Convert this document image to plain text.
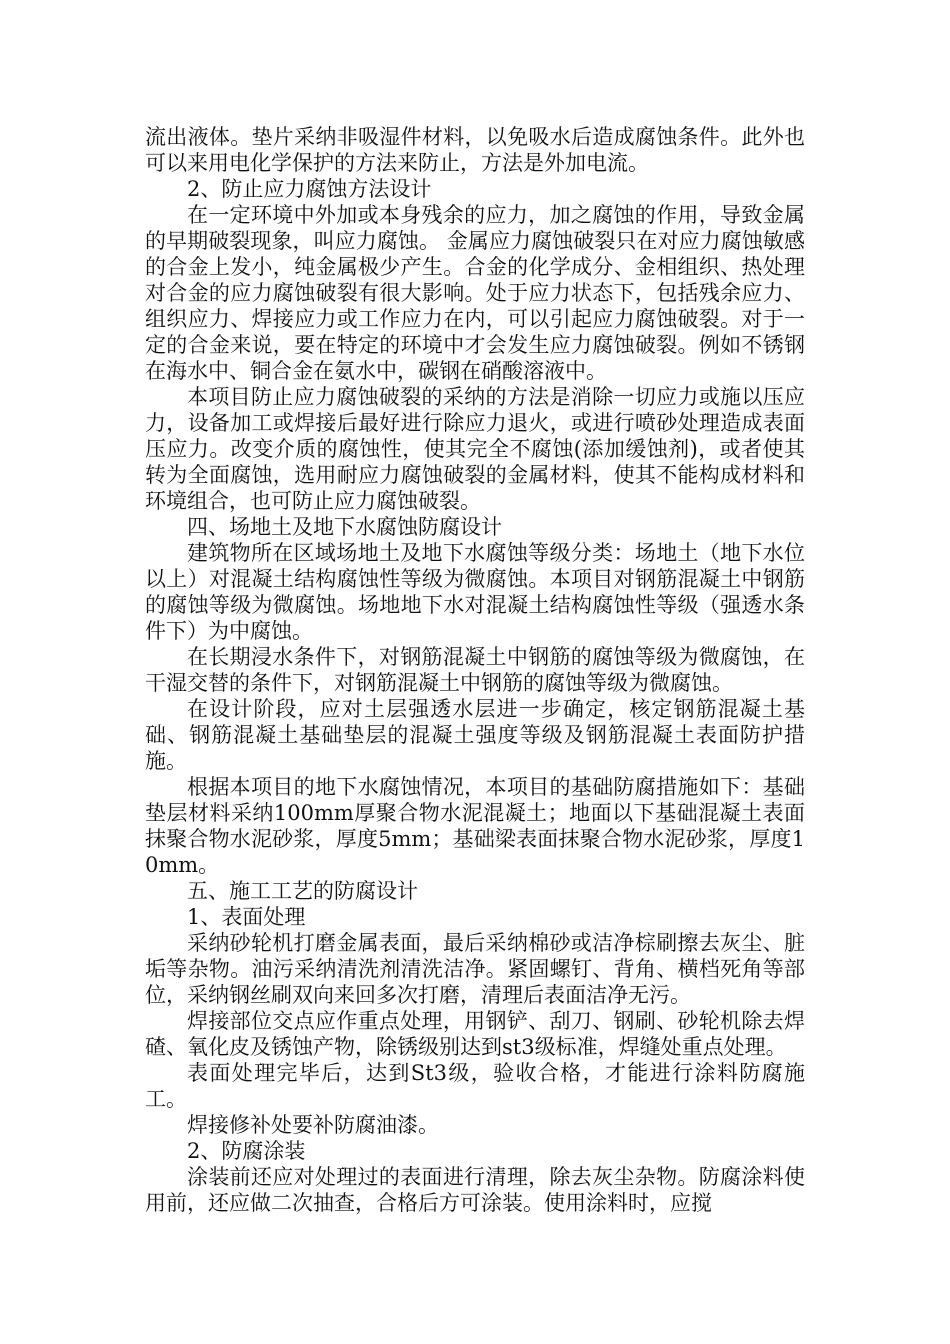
流出液体。垫片采纳非吸湿件材料，以免吸水后造成腐蚀条件。此外也可以来用电化学保护的方法来防止，方法是外加电流。

2、防止应力腐蚀方法设计

在一定环境中外加或本身残余的应力，加之腐蚀的作用，导致金属的早期破裂现象，叫应力腐蚀。 金属应力腐蚀破裂只在对应力腐蚀敏感的合金上发小，纯金属极少产生。合金的化学成分、金相组织、热处理对合金的应力腐蚀破裂有很大影响。处于应力状态下，包括残余应力、组织应力、焊接应力或工作应力在内，可以引起应力腐蚀破裂。对于一定的合金来说，要在特定的环境中才会发生应力腐蚀破裂。例如不锈钢在海水中、铜合金在氨水中，碳钢在硝酸溶液中。

本项目防止应力腐蚀破裂的采纳的方法是消除一切应力或施以压应力，设备加工或焊接后最好进行除应力退火，或进行喷砂处理造成表面压应力。改变介质的腐蚀性，使其完全不腐蚀(添加缓蚀剂)，或者使其转为全面腐蚀，选用耐应力腐蚀破裂的金属材料，使其不能构成材料和环境组合，也可防止应力腐蚀破裂。

四、场地土及地下水腐蚀防腐设计

建筑物所在区域场地土及地下水腐蚀等级分类：场地土（地下水位以上）对混凝土结构腐蚀性等级为微腐蚀。本项目对钢筋混凝土中钢筋的腐蚀等级为微腐蚀。场地地下水对混凝土结构腐蚀性等级（强透水条件下）为中腐蚀。

在长期浸水条件下，对钢筋混凝土中钢筋的腐蚀等级为微腐蚀，在干湿交替的条件下，对钢筋混凝土中钢筋的腐蚀等级为微腐蚀。

在设计阶段，应对土层强透水层进一步确定，核定钢筋混凝土基础、钢筋混凝土基础垫层的混凝土强度等级及钢筋混凝土表面防护措施。

根据本项目的地下水腐蚀情况，本项目的基础防腐措施如下：基础垫层材料采纳100mm厚聚合物水泥混凝土；地面以下基础混凝土表面抹聚合物水泥砂浆，厚度5mm；基础梁表面抹聚合物水泥砂浆，厚度10mm。

五、施工工艺的防腐设计

1、表面处理

采纳砂轮机打磨金属表面，最后采纳棉砂或洁净棕刷擦去灰尘、脏垢等杂物。油污采纳清洗剂清洗洁净。紧固螺钉、背角、横档死角等部位，采纳钢丝刷双向来回多次打磨，清理后表面洁净无污。

焊接部位交点应作重点处理，用钢铲、刮刀、钢刷、砂轮机除去焊碴、氧化皮及锈蚀产物，除锈级别达到st3级标准，焊缝处重点处理。

表面处理完毕后，达到St3级，验收合格，才能进行涂料防腐施工。

焊接修补处要补防腐油漆。

2、防腐涂装

涂装前还应对处理过的表面进行清理，除去灰尘杂物。防腐涂料使用前，还应做二次抽查，合格后方可涂装。使用涂料时，应搅
